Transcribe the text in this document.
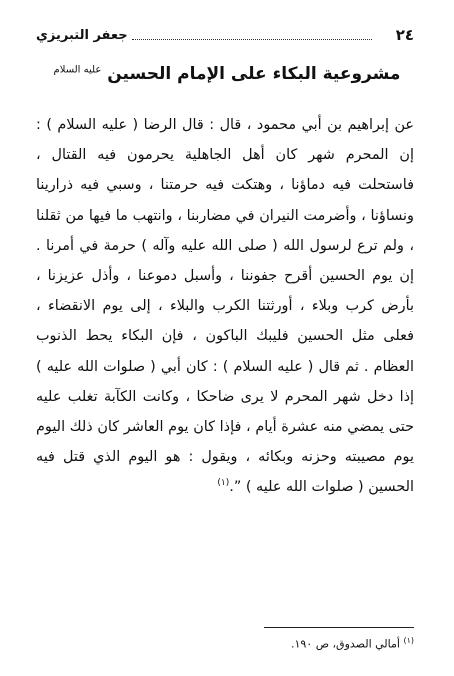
٢٤
جعفر التبريزي
مشروعية البكاء على الإمام الحسين $^{عليه السلام}$
عن إبراهيم بن أبي محمود ، قال : قال الرضا ( عليه السلام ) : إن المحرم شهر كان أهل الجاهلية يحرمون فيه القتال ، فاستحلت فيه دماؤنا ، وهتكت فيه حرمتنا ، وسبي فيه ذرارينا ونساؤنا ، وأضرمت النيران في مضاربنا ، وانتهب ما فيها من ثقلنا ، ولم ترع لرسول الله ( صلى الله عليه وآله ) حرمة في أمرنا . إن يوم الحسين أقرح جفوننا ، وأسبل دموعنا ، وأذل عزيزنا ، بأرض كرب وبلاء ، أورثتنا الكرب والبلاء ، إلى يوم الانقضاء ، فعلى مثل الحسين فليبك الباكون ، فإن البكاء يحط الذنوب العظام . ثم قال ( عليه السلام ) : كان أبي ( صلوات الله عليه ) إذا دخل شهر المحرم لا يرى ضاحكا ، وكانت الكآبة تغلب عليه حتى يمضي منه عشرة أيام ، فإذا كان يوم العاشر كان ذلك اليوم يوم مصيبته وحزنه وبكائه ، ويقول : هو اليوم الذي قتل فيه الحسين ( صلوات الله عليه ) ”.$^{(١)}$
$^{(١)}$ أمالي الصدوق، ص ١٩٠.
